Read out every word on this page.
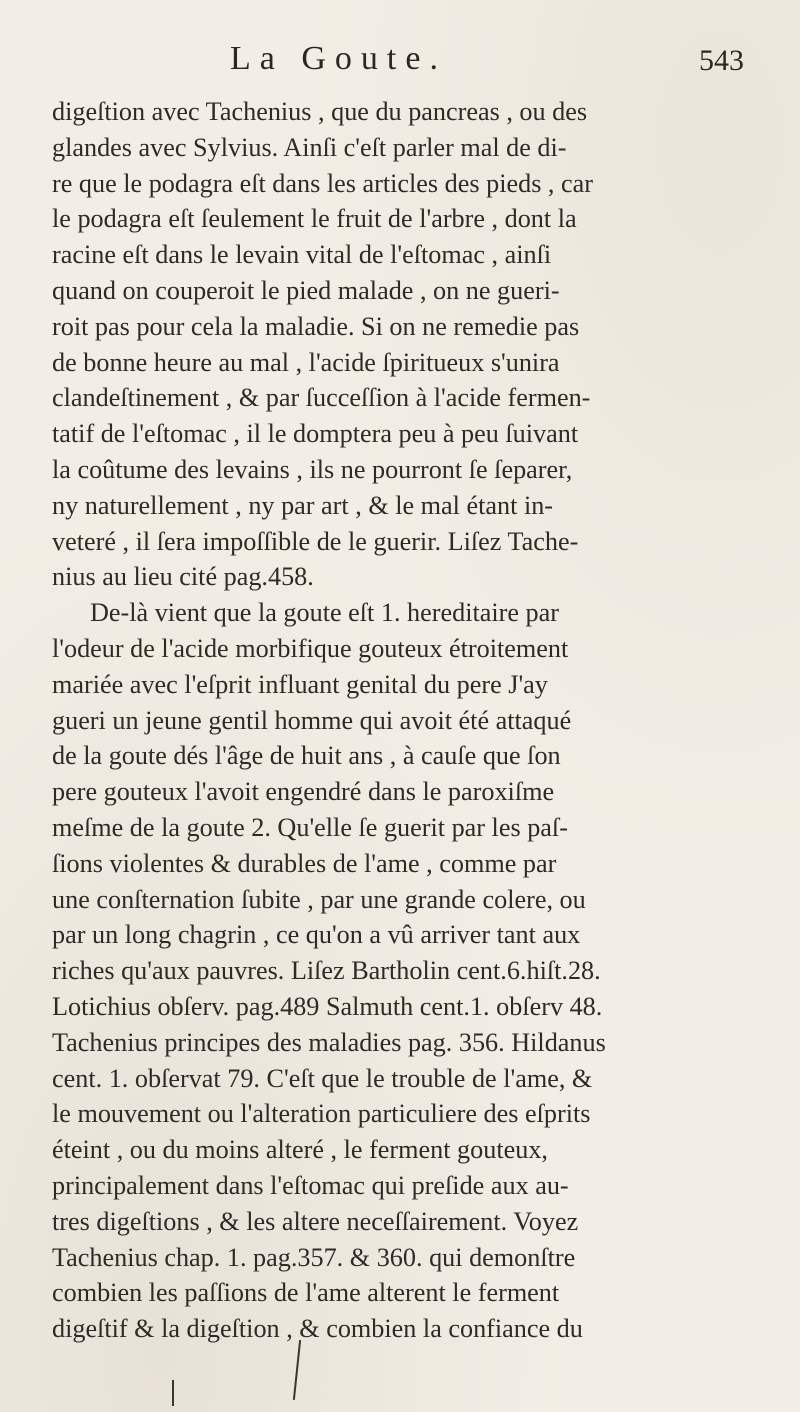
La Goute.	543
digeſtion avec Tachenius , que du pancreas , ou des
glandes avec Sylvius. Ainſi c'eſt parler mal de di-
re que le podagra eſt dans les articles des pieds , car
le podagra eſt ſeulement le fruit de l'arbre , dont la
racine eſt dans le levain vital de l'eſtomac , ainſi
quand on couperoit le pied malade , on ne gueri-
roit pas pour cela la maladie. Si on ne remedie pas
de bonne heure au mal , l'acide ſpiritueux s'unira
clandeſtinement , & par ſucceſſion à l'acide fermen-
tatif de l'eſtomac , il le domptera peu à peu ſuivant
la coûtume des levains , ils ne pourront ſe ſeparer,
ny naturellement , ny par art , & le mal étant in-
veteré , il ſera impoſſible de le guerir. Liſez Tache-
nius au lieu cité pag.458.
De-là vient que la goute eſt 1. hereditaire par
l'odeur de l'acide morbifique gouteux étroitement
mariée avec l'eſprit influant genital du pere J'ay
gueri un jeune gentil homme qui avoit été attaqué
de la goute dés l'âge de huit ans , à cauſe que ſon
pere gouteux l'avoit engendré dans le paroxiſme
meſme de la goute 2. Qu'elle ſe guerit par les paſ-
ſions violentes & durables de l'ame , comme par
une conſternation ſubite , par une grande colere, ou
par un long chagrin , ce qu'on a vû arriver tant aux
riches qu'aux pauvres. Liſez Bartholin cent.6.hiſt.28.
Lotichius obſerv. pag.489 Salmuth cent.1. obſerv 48.
Tachenius principes des maladies pag. 356. Hildanus
cent. 1. obſervat 79. C'eſt que le trouble de l'ame, &
le mouvement ou l'alteration particuliere des eſprits
éteint , ou du moins alteré , le ferment gouteux,
principalement dans l'eſtomac qui preſide aux au-
tres digeſtions , & les altere neceſſairement. Voyez
Tachenius chap. 1. pag.357. & 360. qui demonſtre
combien les paſſions de l'ame alterent le ferment
digeſtif & la digeſtion , & combien la confiance du
